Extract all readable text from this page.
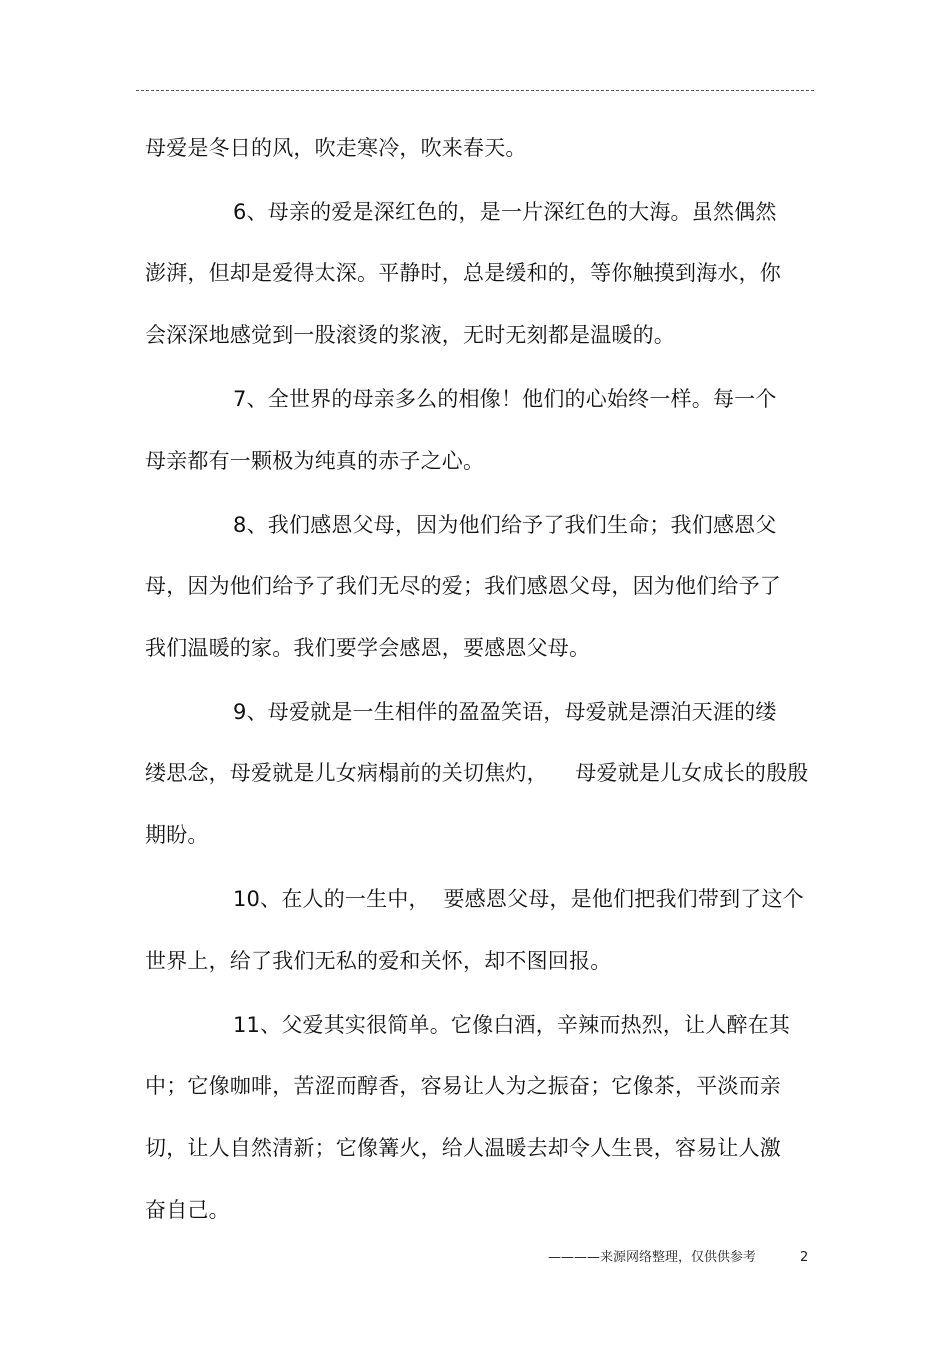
母爱是冬日的风，吹走寒冷，吹来春天。
6、母亲的爱是深红色的，是一片深红色的大海。虽然偶然
澎湃，但却是爱得太深。平静时，总是缓和的，等你触摸到海水，你
会深深地感觉到一股滚烫的浆液，无时无刻都是温暖的。
7、全世界的母亲多么的相像！他们的心始终一样。每一个
母亲都有一颗极为纯真的赤子之心。
8、我们感恩父母，因为他们给予了我们生命；我们感恩父
母，因为他们给予了我们无尽的爱；我们感恩父母，因为他们给予了
我们温暖的家。我们要学会感恩，要感恩父母。
9、母爱就是一生相伴的盈盈笑语，母爱就是漂泊天涯的缕
缕思念，母爱就是儿女病榻前的关切焦灼，    母爱就是儿女成长的殷殷
期盼。
10、在人的一生中，  要感恩父母，是他们把我们带到了这个
世界上，给了我们无私的爱和关怀，却不图回报。
11、父爱其实很简单。它像白酒，辛辣而热烈，让人醉在其
中；它像咖啡，苦涩而醇香，容易让人为之振奋；它像茶，平淡而亲
切，让人自然清新；它像篝火，给人温暖去却令人生畏，容易让人激
奋自己。
————来源网络整理，仅供供参考	2
